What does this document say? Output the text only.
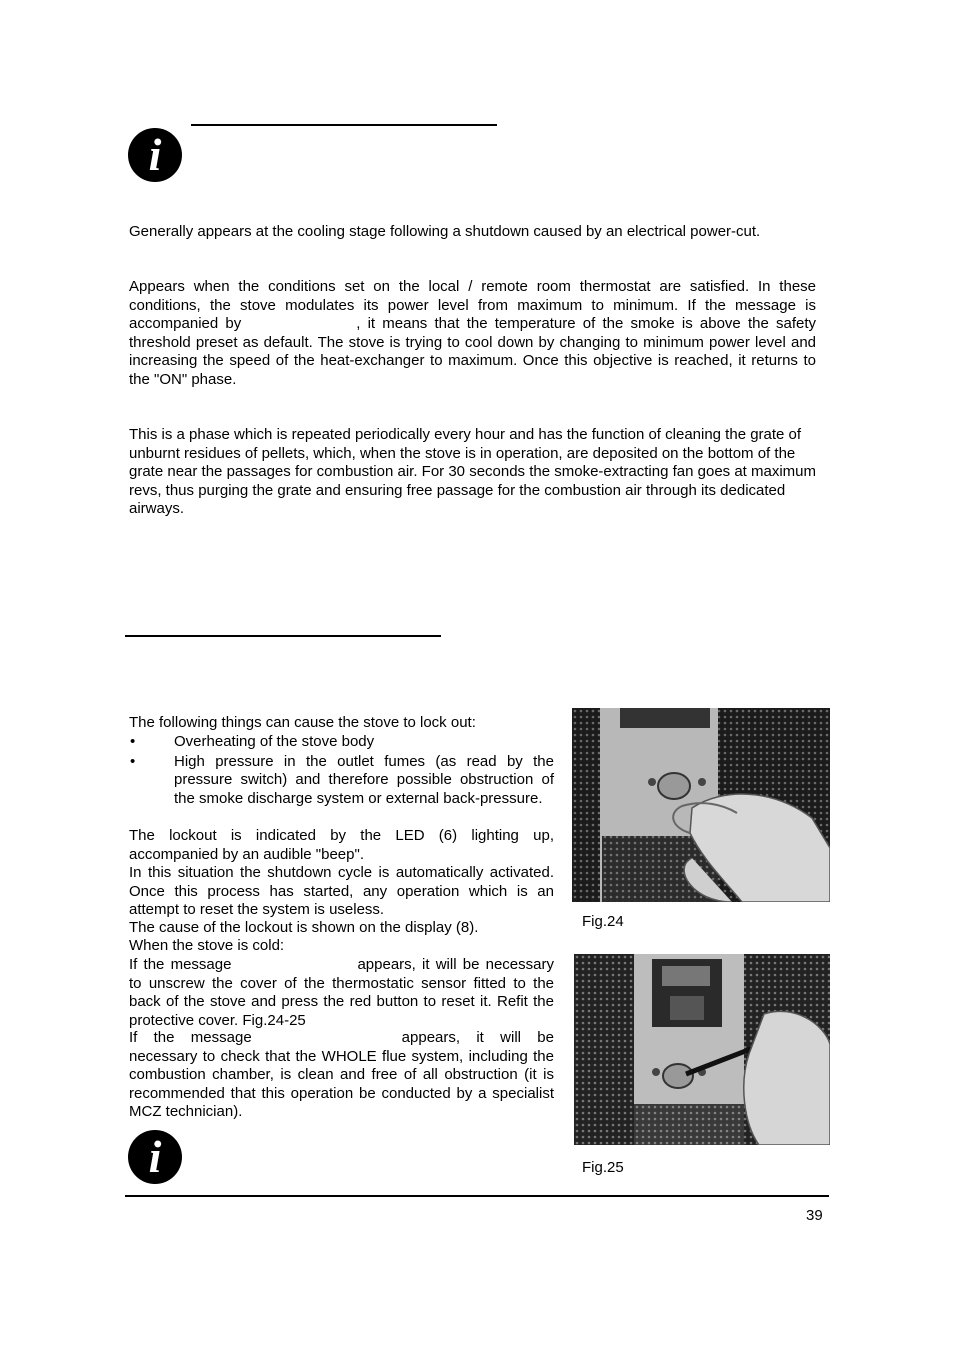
i
Generally appears at the cooling stage following a shutdown caused by an electrical power-cut.
Appears when the conditions set on the local / remote room thermostat are satisfied. In these conditions, the stove modulates its power level from maximum to minimum. If the message is accompanied by	, it means that the temperature of the smoke is above the safety threshold preset as default. The stove is trying to cool down by changing to minimum power level and increasing the speed of the heat-exchanger to maximum. Once this objective is reached, it returns to the "ON" phase.
This is a phase which is repeated periodically every hour and has the function of cleaning the grate of unburnt residues of pellets, which, when the stove is in operation, are deposited on the bottom of the grate near the passages for combustion air. For 30 seconds the smoke-extracting fan goes at maximum revs, thus purging the grate and ensuring free passage for the combustion air through its dedicated airways.
The following things can cause the stove to lock out:
•	Overheating of the stove body
•	High pressure in the outlet fumes (as read by the pressure switch) and therefore possible obstruction of the smoke discharge system or external back-pressure.
The lockout is indicated by the LED (6) lighting up, accompanied by an audible "beep".
In this situation the shutdown cycle is automatically activated. Once this process has started, any operation which is an attempt to reset the system is useless.
The cause of the lockout is shown on the display (8).
When the stove is cold:
If the message	appears, it will be necessary to unscrew the cover of the thermostatic sensor fitted to the back of the stove and press the red button to reset it. Refit the protective cover. Fig.24-25
If the message	appears, it will be necessary to check that the WHOLE flue system, including the combustion chamber, is clean and free of all obstruction (it is recommended that this operation be conducted by a specialist MCZ technician).
i
Fig.24
Fig.25
39
